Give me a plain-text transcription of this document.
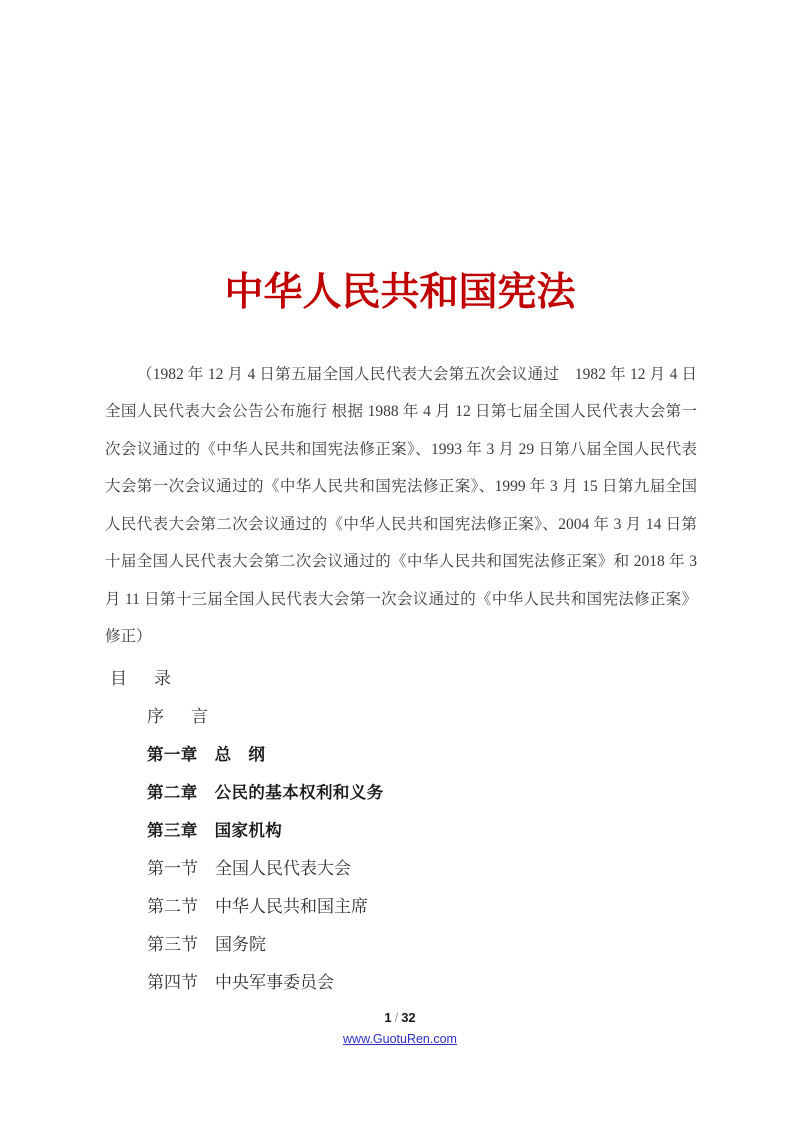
中华人民共和国宪法

（1982 年 12 月 4 日第五届全国人民代表大会第五次会议通过　1982 年 12 月 4 日全国人民代表大会公告公布施行 根据 1988 年 4 月 12 日第七届全国人民代表大会第一次会议通过的《中华人民共和国宪法修正案》、1993 年 3 月 29 日第八届全国人民代表大会第一次会议通过的《中华人民共和国宪法修正案》、1999 年 3 月 15 日第九届全国人民代表大会第二次会议通过的《中华人民共和国宪法修正案》、2004 年 3 月 14 日第十届全国人民代表大会第二次会议通过的《中华人民共和国宪法修正案》和 2018 年 3 月 11 日第十三届全国人民代表大会第一次会议通过的《中华人民共和国宪法修正案》修正）

目　录
序　言
第一章　总　纲
第二章　公民的基本权利和义务
第三章　国家机构
第一节　全国人民代表大会
第二节　中华人民共和国主席
第三节　国务院
第四节　中央军事委员会
1 / 32
www.GuotuRen.com
